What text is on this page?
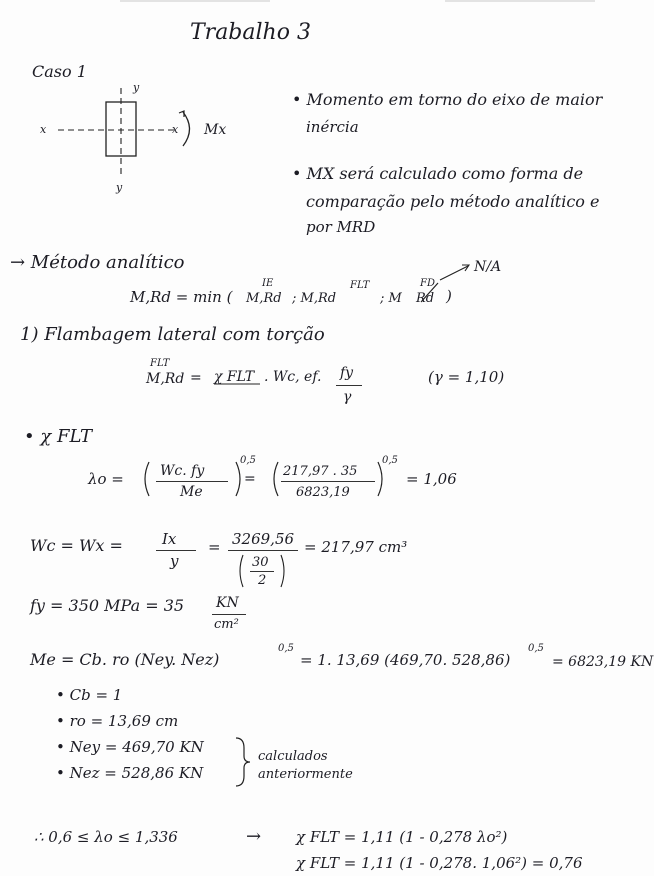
Trabalho 3
Caso 1
y
y
x	x Mx
• Momento em torno do eixo de maior
inércia
• MX será calculado como forma de
comparação pelo método analítico e
por MRD
→ Método analítico	N/A
M,Rd = min ( M,Rd
IE
; M,Rd
FLT
; M Rd
FD
)
1) Flambagem lateral com torção
M,Rd
FLT
= χ FLT . Wc, ef. fy
γ
(γ = 1,10)
• χ FLT
λo =	Wc. fy
Me
0,5
= 217,97 . 35
6823,19
0,5
= 1,06
Wc = Wx =	Ix
y
= 3269,56
30
2
= 217,97 cm³
fy = 350 MPa = 35 KN
cm²
Me = Cb. ro (Ney. Nez)
0,5
= 1. 13,69 (469,70. 528,86)
0,5
= 6823,19 KN
• Cb = 1
• ro = 13,69 cm
• Ney = 469,70 KN
• Nez = 528,86 KN
calculados
anteriormente
∴ 0,6 ≤ λo ≤ 1,336	→ χ FLT = 1,11 (1 - 0,278 λo²)
χ FLT = 1,11 (1 - 0,278. 1,06²) = 0,76
